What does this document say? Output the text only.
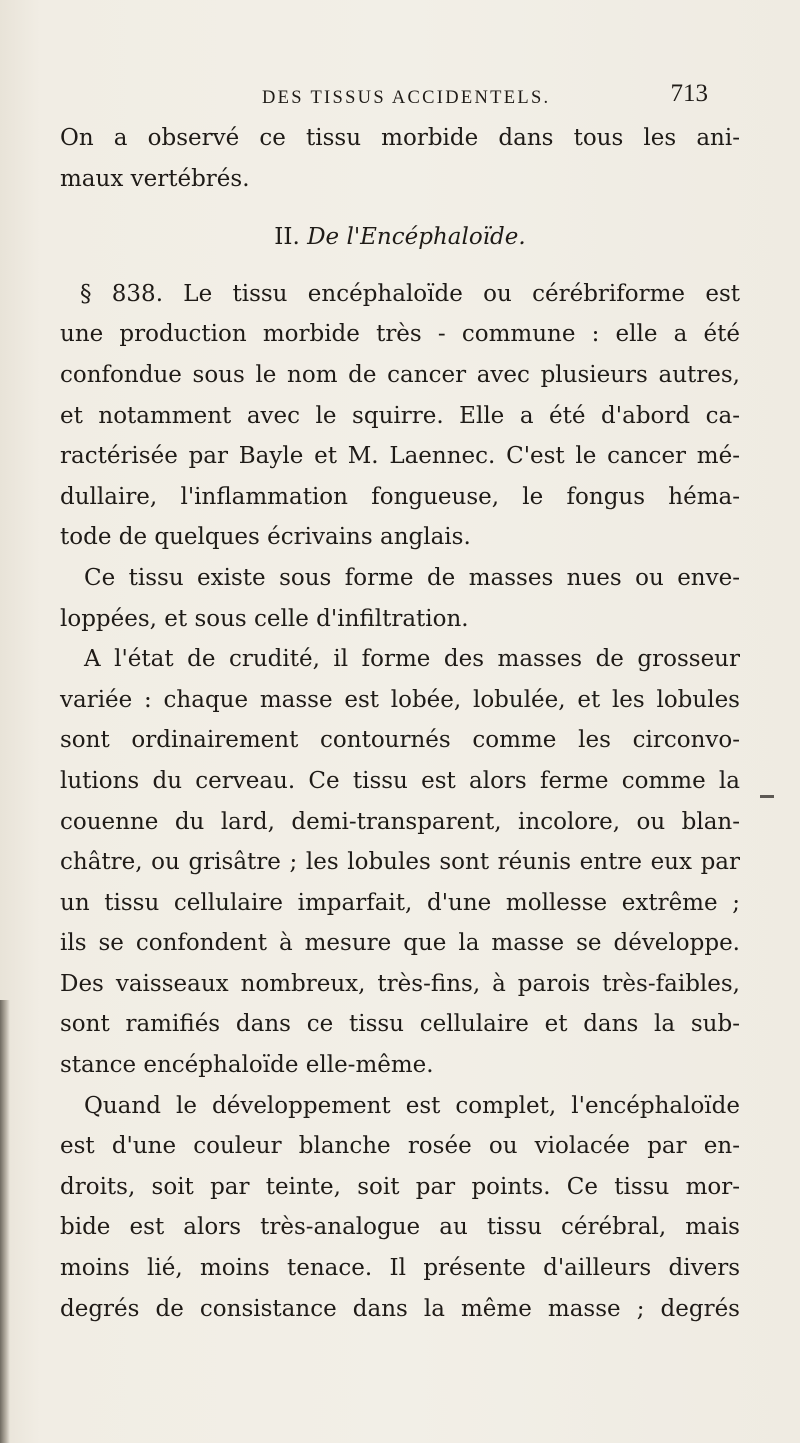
DES TISSUS ACCIDENTELS.	713
On a observé ce tissu morbide dans tous les ani-
maux vertébrés.
II. De l'Encéphaloïde.
§ 838. Le tissu encéphaloïde ou cérébriforme est
une production morbide très - commune : elle a été
confondue sous le nom de cancer avec plusieurs autres,
et notamment avec le squirre. Elle a été d'abord ca-
ractérisée par Bayle et M. Laennec. C'est le cancer mé-
dullaire, l'inflammation fongueuse, le fongus héma-
tode de quelques écrivains anglais.
Ce tissu existe sous forme de masses nues ou enve-
loppées, et sous celle d'infiltration.
A l'état de crudité, il forme des masses de grosseur
variée : chaque masse est lobée, lobulée, et les lobules
sont ordinairement contournés comme les circonvo-
lutions du cerveau. Ce tissu est alors ferme comme la
couenne du lard, demi-transparent, incolore, ou blan-
châtre, ou grisâtre ; les lobules sont réunis entre eux par
un tissu cellulaire imparfait, d'une mollesse extrême ;
ils se confondent à mesure que la masse se développe.
Des vaisseaux nombreux, très-fins, à parois très-faibles,
sont ramifiés dans ce tissu cellulaire et dans la sub-
stance encéphaloïde elle-même.
Quand le développement est complet, l'encéphaloïde
est d'une couleur blanche rosée ou violacée par en-
droits, soit par teinte, soit par points. Ce tissu mor-
bide est alors très-analogue au tissu cérébral, mais
moins lié, moins tenace. Il présente d'ailleurs divers
degrés de consistance dans la même masse ; degrés
